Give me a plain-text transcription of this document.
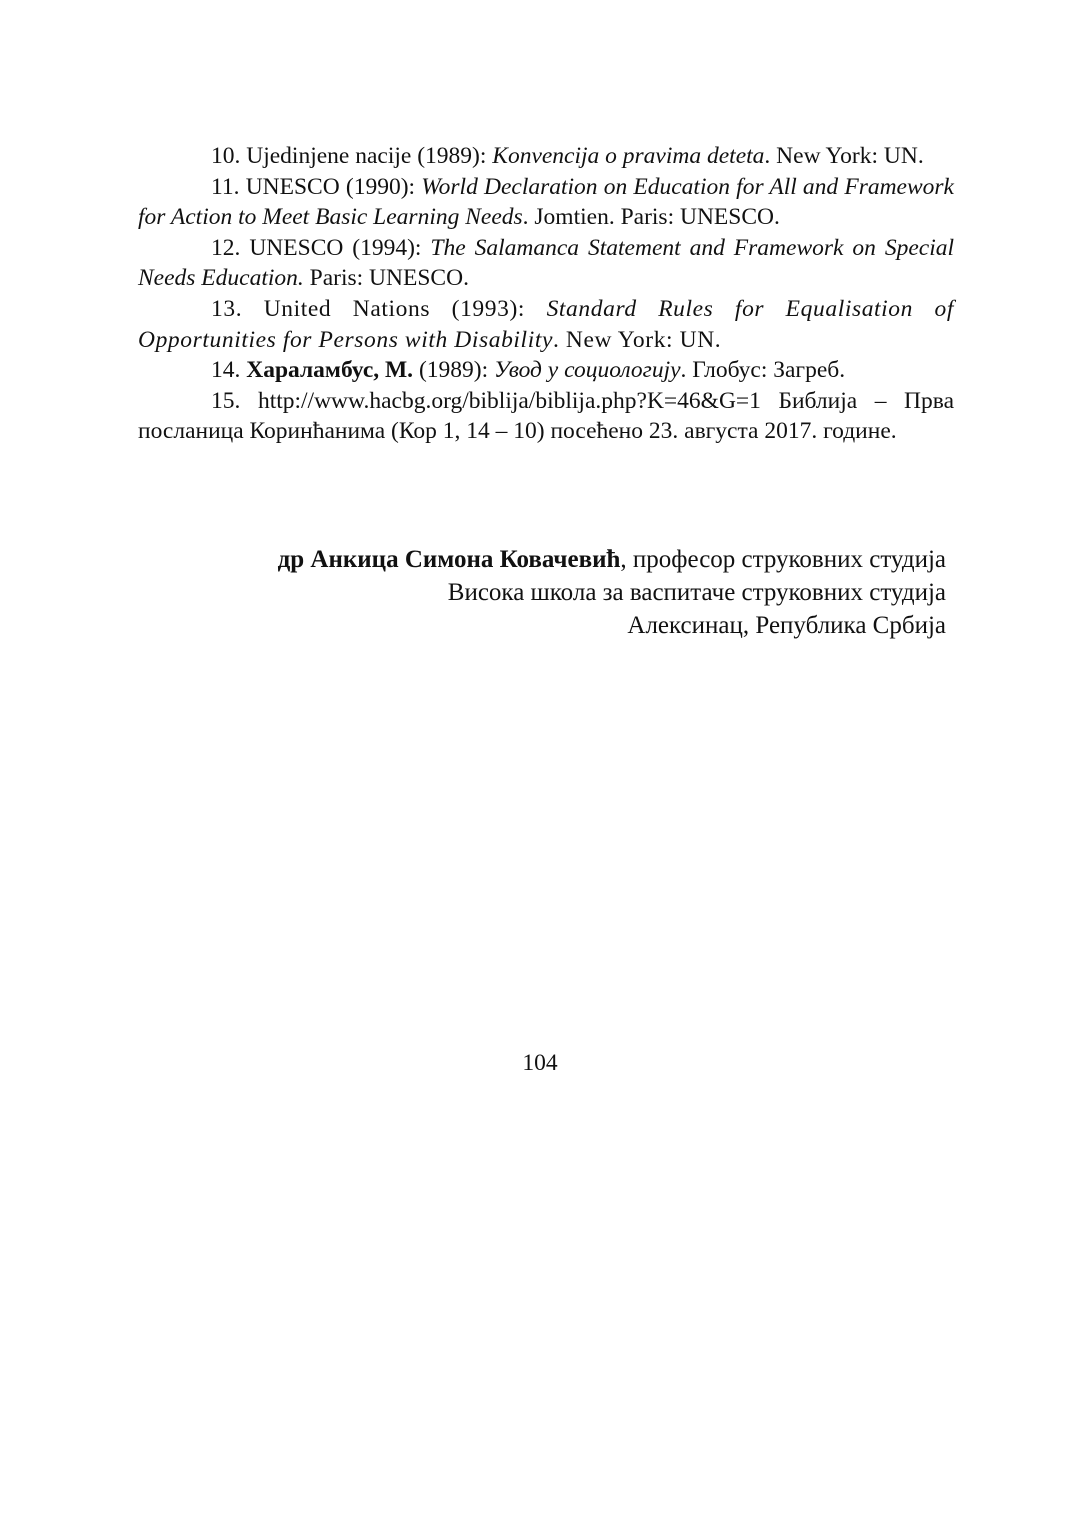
10. Ujedinjene nacije (1989): Konvencija o pravima deteta. New York: UN.

11. UNESCO (1990): World Declaration on Education for All and Framework for Action to Meet Basic Learning Needs. Jomtien. Paris: UNESCO.

12. UNESCO (1994): The Salamanca Statement and Framework on Special Needs Education. Paris: UNESCO.

13. United Nations (1993): Standard Rules for Equalisation of Opportunities for Persons with Disability. New York: UN.

14. Хараламбус, М. (1989): Увод у социологију. Глобус: Загреб.

15. http://www.hacbg.org/biblija/biblija.php?K=46&G=1 Библија – Прва посланица Коринћанима (Кор 1, 14 – 10) посећено 23. августа 2017. године.

др Анкица Симона Ковачевић, професор струковних студија

Висока школа за васпитаче струковних студија

Алексинац, Република Србија

104
